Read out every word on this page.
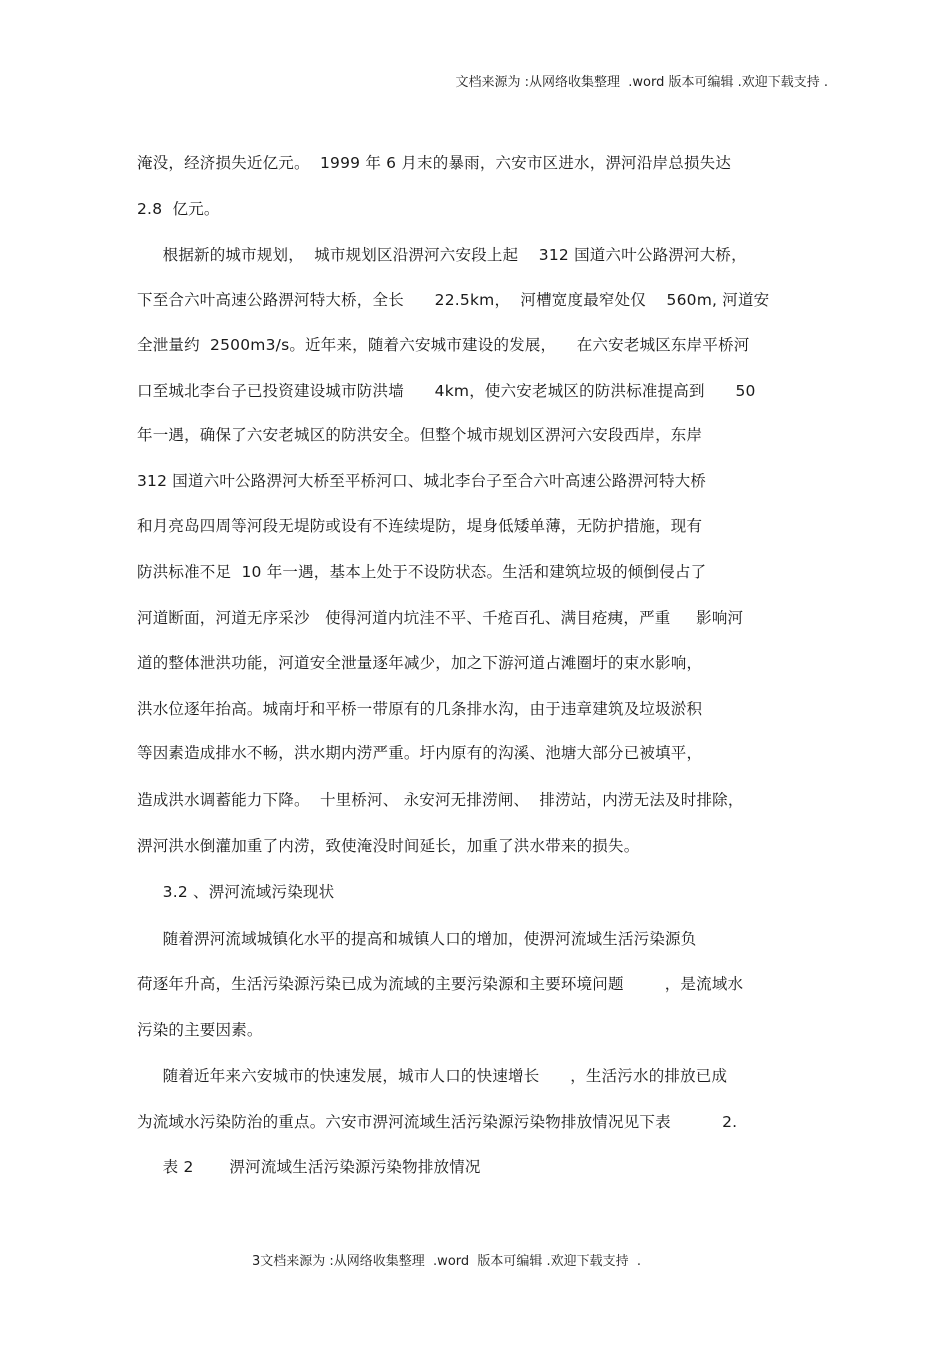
文档来源为 :从网络收集整理  .word 版本可编辑 .欢迎下载支持 .
淹没，经济损失近亿元。  1999 年 6 月末的暴雨，六安市区进水，淠河沿岸总损失达
2.8  亿元。
根据新的城市规划，  城市规划区沿淠河六安段上起    312 国道六叶公路淠河大桥，
下至合六叶高速公路淠河特大桥，全长      22.5km，  河槽宽度最窄处仅    560m, 河道安
全泄量约  2500m3/s。近年来，随着六安城市建设的发展，    在六安老城区东岸平桥河
口至城北李台子已投资建设城市防洪墙      4km，使六安老城区的防洪标准提高到      50
年一遇，确保了六安老城区的防洪安全。但整个城市规划区淠河六安段西岸，东岸
312 国道六叶公路淠河大桥至平桥河口、城北李台子至合六叶高速公路淠河特大桥
和月亮岛四周等河段无堤防或设有不连续堤防，堤身低矮单薄，无防护措施，现有
防洪标准不足  10 年一遇，基本上处于不设防状态。生活和建筑垃圾的倾倒侵占了
河道断面，河道无序采沙   使得河道内坑洼不平、千疮百孔、满目疮痍，严重     影响河
道的整体泄洪功能，河道安全泄量逐年减少，加之下游河道占滩圈圩的束水影响，
洪水位逐年抬高。城南圩和平桥一带原有的几条排水沟，由于违章建筑及垃圾淤积
等因素造成排水不畅，洪水期内涝严重。圩内原有的沟溪、池塘大部分已被填平，
造成洪水调蓄能力下降。  十里桥河、 永安河无排涝闸、  排涝站，内涝无法及时排除，
淠河洪水倒灌加重了内涝，致使淹没时间延长，加重了洪水带来的损失。
3.2 、淠河流域污染现状
随着淠河流域城镇化水平的提高和城镇人口的增加，使淠河流域生活污染源负
荷逐年升高，生活污染源污染已成为流域的主要污染源和主要环境问题        ，是流域水
污染的主要因素。
随着近年来六安城市的快速发展，城市人口的快速增长      ，生活污水的排放已成
为流域水污染防治的重点。六安市淠河流域生活污染源污染物排放情况见下表          2.
表 2       淠河流域生活污染源污染物排放情况
3文档来源为 :从网络收集整理  .word  版本可编辑 .欢迎下载支持  .
